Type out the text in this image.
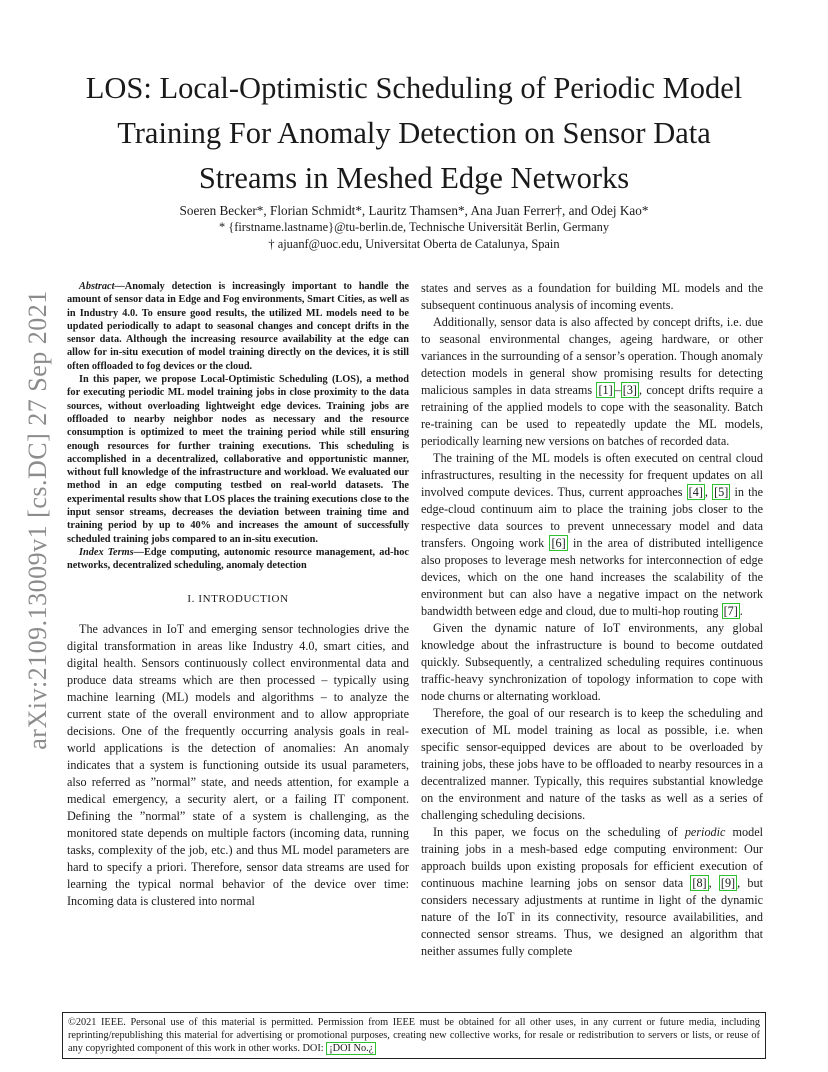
arXiv:2109.13009v1 [cs.DC] 27 Sep 2021
LOS: Local-Optimistic Scheduling of Periodic Model Training For Anomaly Detection on Sensor Data Streams in Meshed Edge Networks
Soeren Becker*, Florian Schmidt*, Lauritz Thamsen*, Ana Juan Ferrer†, and Odej Kao*
* {firstname.lastname}@tu-berlin.de, Technische Universität Berlin, Germany
† ajuanf@uoc.edu, Universitat Oberta de Catalunya, Spain

Abstract—Anomaly detection is increasingly important to handle the amount of sensor data in Edge and Fog environments, Smart Cities, as well as in Industry 4.0. To ensure good results, the utilized ML models need to be updated periodically to adapt to seasonal changes and concept drifts in the sensor data. Although the increasing resource availability at the edge can allow for in-situ execution of model training directly on the devices, it is still often offloaded to fog devices or the cloud.

In this paper, we propose Local-Optimistic Scheduling (LOS), a method for executing periodic ML model training jobs in close proximity to the data sources, without overloading lightweight edge devices. Training jobs are offloaded to nearby neighbor nodes as necessary and the resource consumption is optimized to meet the training period while still ensuring enough resources for further training executions. This scheduling is accomplished in a decentralized, collaborative and opportunistic manner, without full knowledge of the infrastructure and workload. We evaluated our method in an edge computing testbed on real-world datasets. The experimental results show that LOS places the training executions close to the input sensor streams, decreases the deviation between training time and training period by up to 40% and increases the amount of successfully scheduled training jobs compared to an in-situ execution.

Index Terms—Edge computing, autonomic resource management, ad-hoc networks, decentralized scheduling, anomaly detection

I. INTRODUCTION

The advances in IoT and emerging sensor technologies drive the digital transformation in areas like Industry 4.0, smart cities, and digital health. Sensors continuously collect environmental data and produce data streams which are then processed – typically using machine learning (ML) models and algorithms – to analyze the current state of the overall environment and to allow appropriate decisions. One of the frequently occurring analysis goals in real-world applications is the detection of anomalies: An anomaly indicates that a system is functioning outside its usual parameters, also referred as ”normal” state, and needs attention, for example a medical emergency, a security alert, or a failing IT component. Defining the ”normal” state of a system is challenging, as the monitored state depends on multiple factors (incoming data, running tasks, complexity of the job, etc.) and thus ML model parameters are hard to specify a priori. Therefore, sensor data streams are used for learning the typical normal behavior of the device over time: Incoming data is clustered into normal

states and serves as a foundation for building ML models and the subsequent continuous analysis of incoming events.

Additionally, sensor data is also affected by concept drifts, i.e. due to seasonal environmental changes, ageing hardware, or other variances in the surrounding of a sensor’s operation. Though anomaly detection models in general show promising results for detecting malicious samples in data streams [1] – [3] , concept drifts require a retraining of the applied models to cope with the seasonality. Batch re-training can be used to repeatedly update the ML models, periodically learning new versions on batches of recorded data.

The training of the ML models is often executed on central cloud infrastructures, resulting in the necessity for frequent updates on all involved compute devices. Thus, current approaches [4] , [5] in the edge-cloud continuum aim to place the training jobs closer to the respective data sources to prevent unnecessary model and data transfers. Ongoing work [6] in the area of distributed intelligence also proposes to leverage mesh networks for interconnection of edge devices, which on the one hand increases the scalability of the environment but can also have a negative impact on the network bandwidth between edge and cloud, due to multi-hop routing [7] .

Given the dynamic nature of IoT environments, any global knowledge about the infrastructure is bound to become outdated quickly. Subsequently, a centralized scheduling requires continuous traffic-heavy synchronization of topology information to cope with node churns or alternating workload.

Therefore, the goal of our research is to keep the scheduling and execution of ML model training as local as possible, i.e. when specific sensor-equipped devices are about to be overloaded by training jobs, these jobs have to be offloaded to nearby resources in a decentralized manner. Typically, this requires substantial knowledge on the environment and nature of the tasks as well as a series of challenging scheduling decisions.

In this paper, we focus on the scheduling of periodic model training jobs in a mesh-based edge computing environment: Our approach builds upon existing proposals for efficient execution of continuous machine learning jobs on sensor data [8] , [9] , but considers necessary adjustments at runtime in light of the dynamic nature of the IoT in its connectivity, resource availabilities, and connected sensor streams. Thus, we designed an algorithm that neither assumes fully complete

©2021 IEEE. Personal use of this material is permitted. Permission from IEEE must be obtained for all other uses, in any current or future media, including reprinting/republishing this material for advertising or promotional purposes, creating new collective works, for resale or redistribution to servers or lists, or reuse of any copyrighted component of this work in other works. DOI: ¡DOI No.¿
